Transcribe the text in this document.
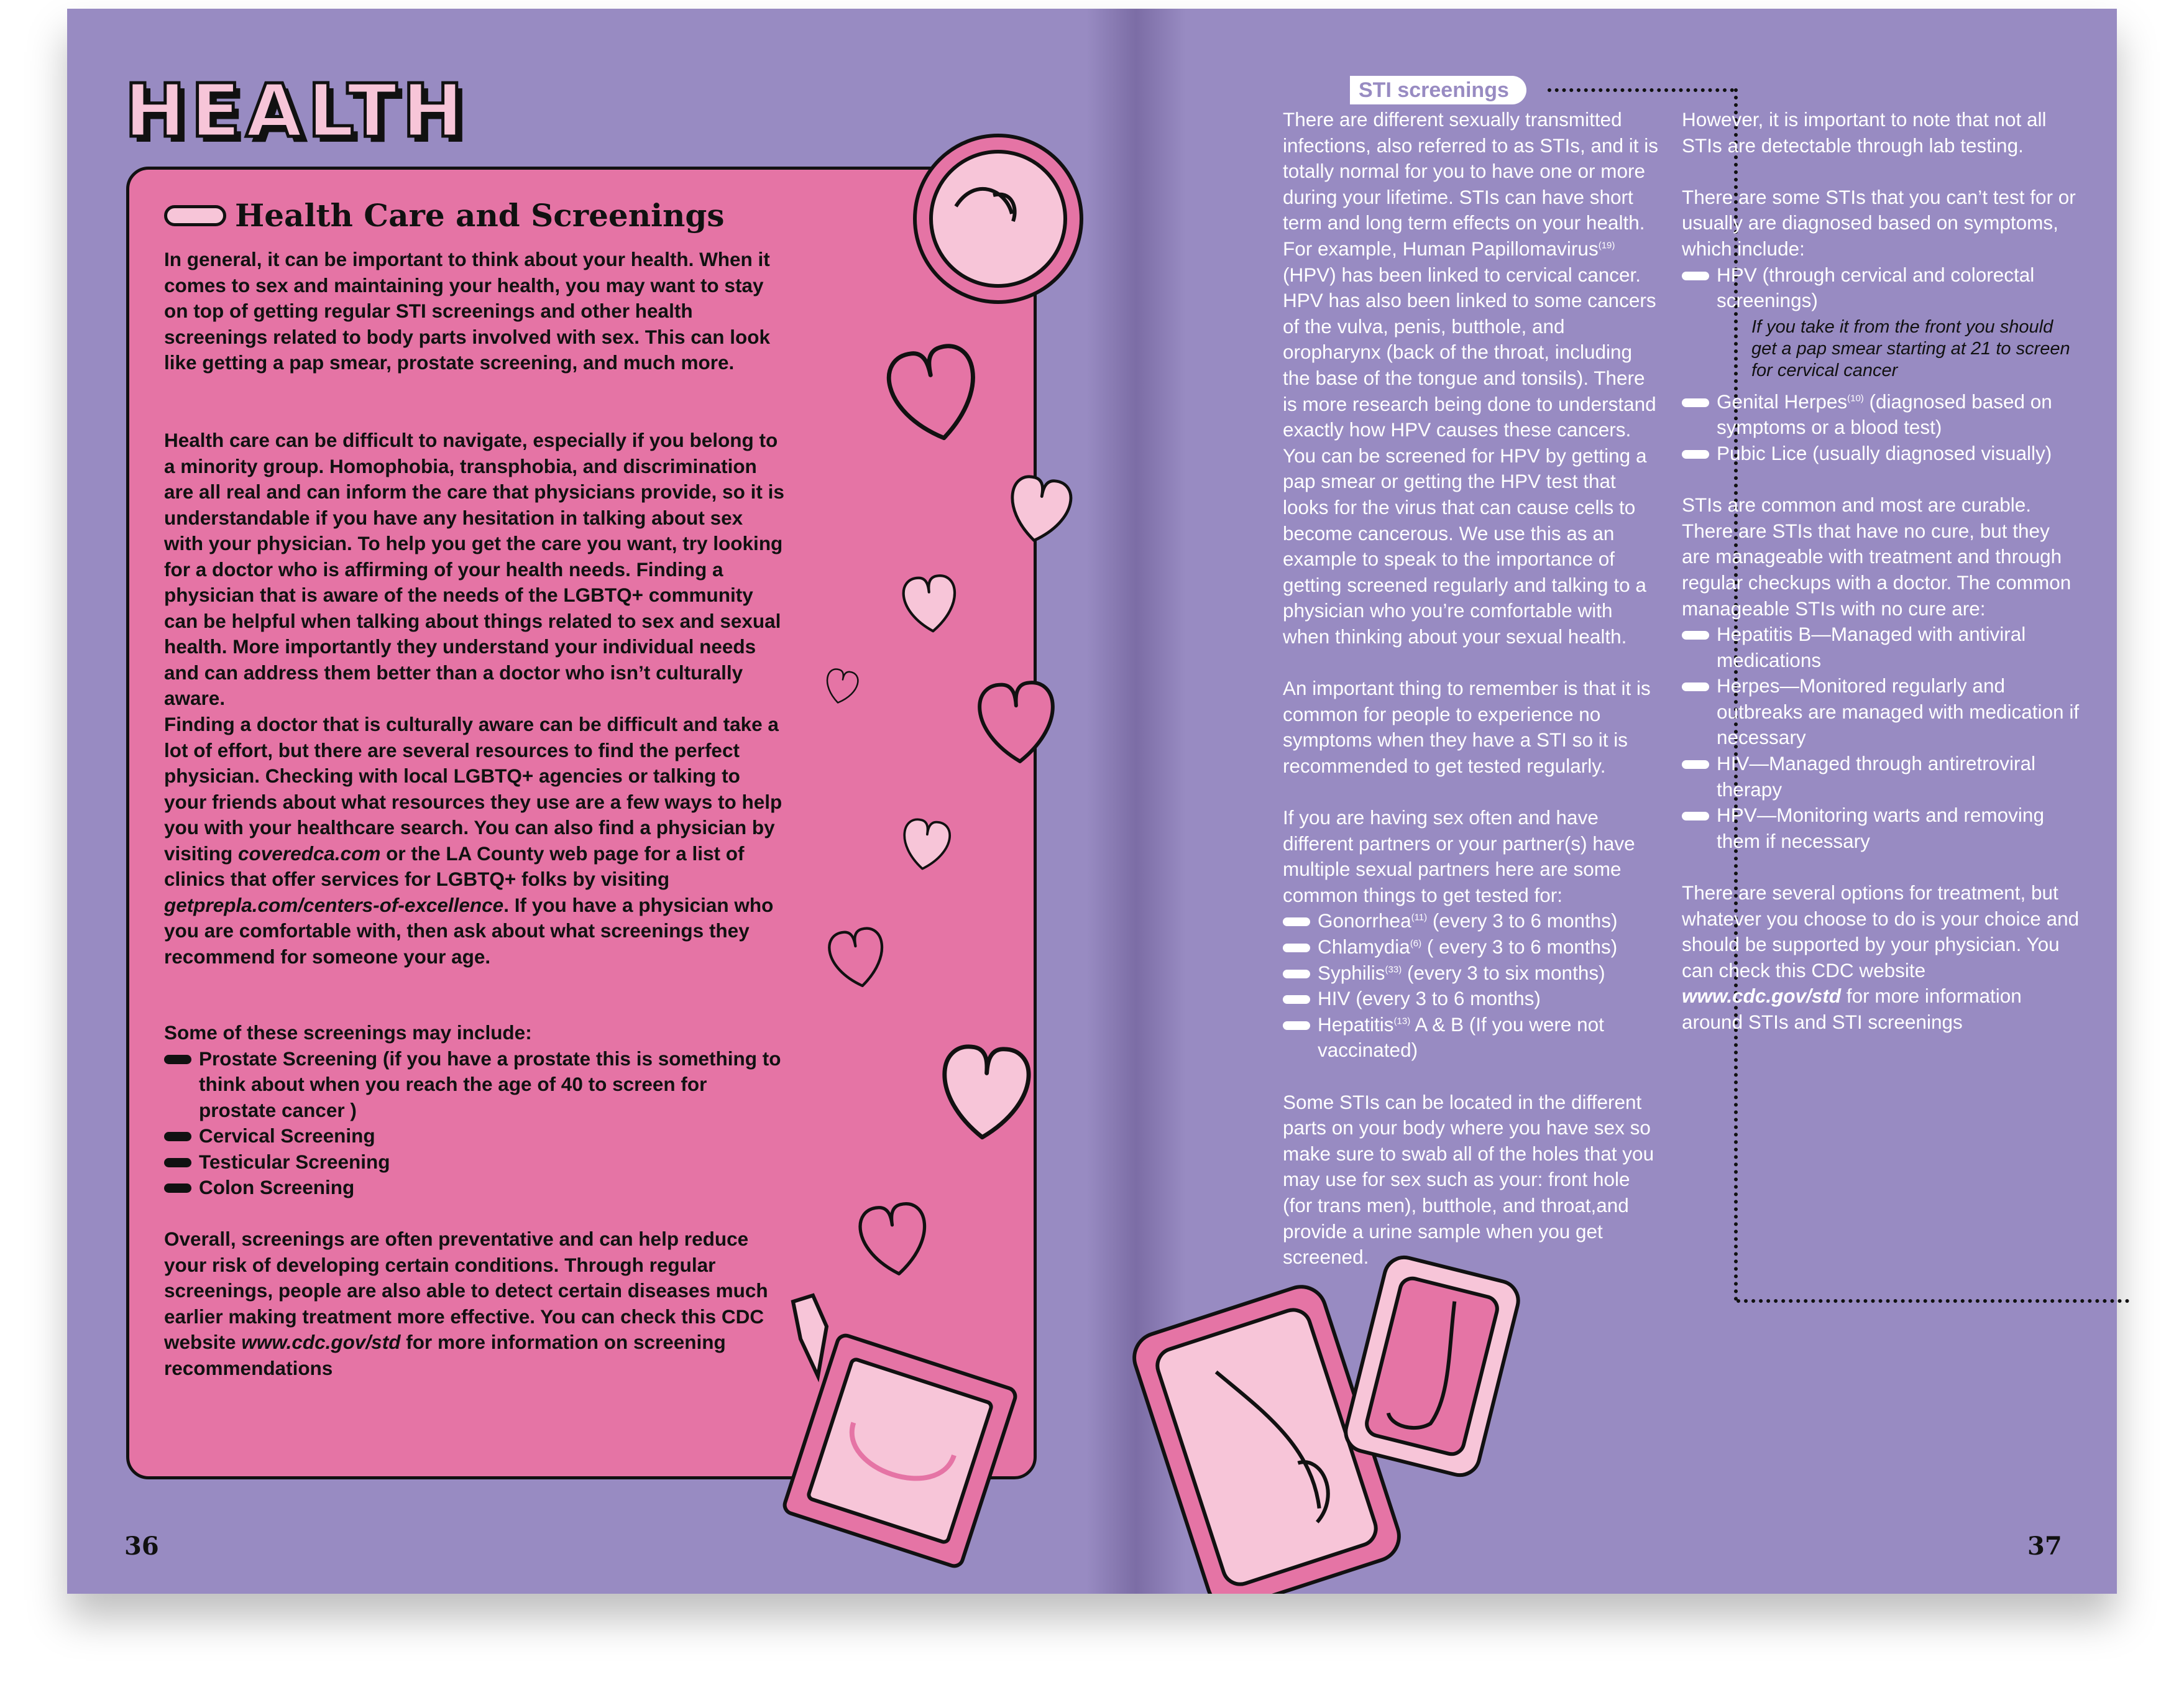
HEALTH
Health Care and Screenings
In general, it can be important to think about your health. When it comes to sex and maintaining your health, you may want to stay on top of getting regular STI screenings and other health screenings related to body parts involved with sex. This can look like getting a pap smear, prostate screening, and much more.
Health care can be difficult to navigate, especially if you belong to a minority group. Homophobia, transphobia, and discrimination are all real and can inform the care that physicians provide, so it is understandable if you have any hesitation in talking about sex with your physician. To help you get the care you want, try looking for a doctor who is affirming of your health needs. Finding a physician that is aware of the needs of the LGBTQ+ community can be helpful when talking about things related to sex and sexual health. More importantly they understand your individual needs and can address them better than a doctor who isn’t culturally aware.
Finding a doctor that is culturally aware can be difficult and take a lot of effort, but there are several resources to find the perfect physician. Checking with local LGBTQ+ agencies or talking to your friends about what resources they use are a few ways to help you with your healthcare search. You can also find a physician by visiting coveredca.com or the LA County web page for a list of clinics that offer services for LGBTQ+ folks by visiting getprepla.com/centers-of-excellence. If you have a physician who you are comfortable with, then ask about what screenings they recommend for someone your age.
Some of these screenings may include:
Prostate Screening (if you have a prostate this is something to think about when you reach the age of 40 to screen for prostate cancer )
Cervical Screening
Testicular Screening
Colon Screening
Overall, screenings are often preventative and can help reduce your risk of developing certain conditions. Through regular screenings, people are also able to detect certain diseases much earlier making treatment more effective. You can check this CDC website www.cdc.gov/std for more information on screening recommendations
36
STI screenings

There are different sexually transmitted infections, also referred to as STIs, and it is totally normal for you to have one or more during your lifetime. STIs can have short term and long term effects on your health. For example, Human Papillomavirus$^{(19)}$ (HPV) has been linked to cervical cancer. HPV has also been linked to some cancers of the vulva, penis, butthole, and oropharynx (back of the throat, including the base of the tongue and tonsils). There is more research being done to understand exactly how HPV causes these cancers. You can be screened for HPV by getting a pap smear or getting the HPV test that looks for the virus that can cause cells to become cancerous. We use this as an example to speak to the importance of getting screened regularly and talking to a physician who you’re comfortable with when thinking about your sexual health.

An important thing to remember is that it is common for people to experience no symptoms when they have a STI so it is recommended to get tested regularly.

If you are having sex often and have different partners or your partner(s) have multiple sexual partners here are some common things to get tested for:
Gonorrhea$^{(11)}$ (every 3 to 6 months)
Chlamydia$^{(6)}$ ( every 3 to 6 months)
Syphilis$^{(33)}$ (every 3 to six months)
HIV (every 3 to 6 months)
Hepatitis$^{(13)}$ A & B (If you were not vaccinated)

Some STIs can be located in the different parts on your body where you have sex so make sure to swab all of the holes that you may use for sex such as your: front hole (for trans men), butthole, and throat,and provide a urine sample when you get screened.

However, it is important to note that not all STIs are detectable through lab testing.

There are some STIs that you can’t test for or usually are diagnosed based on symptoms, which include:
HPV (through cervical and colorectal screenings)
If you take it from the front you should get a pap smear starting at 21 to screen for cervical cancer
Genital Herpes$^{(10)}$ (diagnosed based on symptoms or a blood test)
Pubic Lice (usually diagnosed visually)
STIs are common and most are curable. There are STIs that have no cure, but they are manageable with treatment and through regular checkups with a doctor. The common manageable STIs with no cure are:
Hepatitis B—Managed with antiviral medications
Herpes—Monitored regularly and outbreaks are managed with medication if necessary
HIV—Managed through antiretroviral therapy
HPV—Monitoring warts and removing them if necessary

There are several options for treatment, but whatever you choose to do is your choice and should be supported by your physician. You can check this CDC website www.cdc.gov/std for more information around STIs and STI screenings

37
